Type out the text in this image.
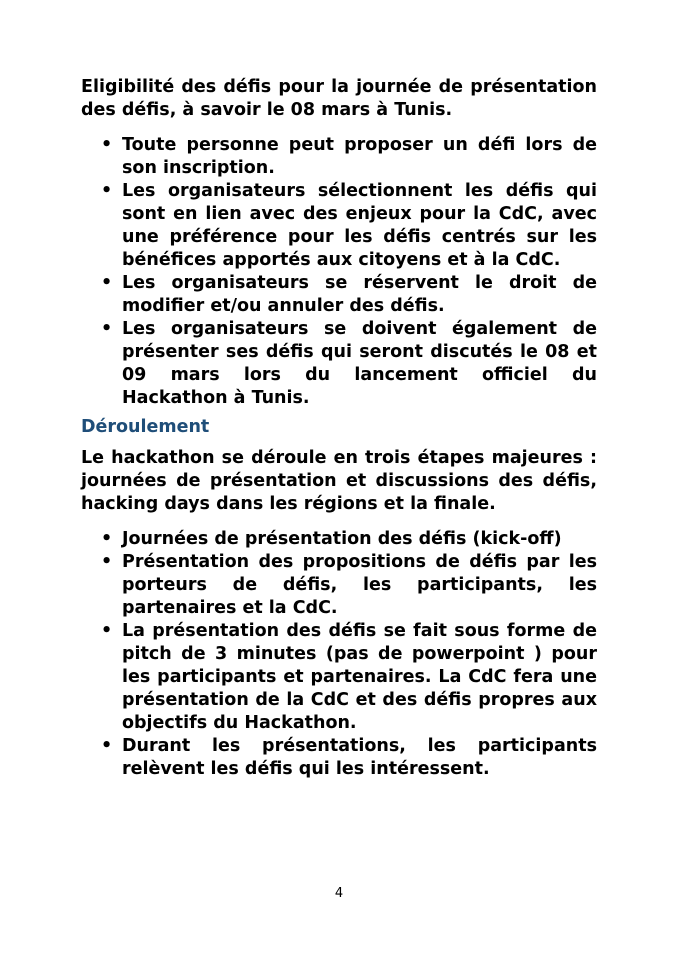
Eligibilité des défis pour la journée de présentation des défis, à savoir le 08 mars à Tunis.

• Toute personne peut proposer un défi lors de son inscription.
• Les organisateurs sélectionnent les défis qui sont en lien avec des enjeux pour la CdC, avec une préférence pour les défis centrés sur les bénéfices apportés aux citoyens et à la CdC.
• Les organisateurs se réservent le droit de modifier et/ou annuler des défis.
• Les organisateurs se doivent également de présenter ses défis qui seront discutés le 08 et 09 mars lors du lancement officiel du Hackathon à Tunis.
Déroulement

Le hackathon se déroule en trois étapes majeures : journées de présentation et discussions des défis, hacking days dans les régions et la finale.

• Journées de présentation des défis (kick-off)
• Présentation des propositions de défis par les porteurs de défis, les participants, les partenaires et la CdC.
• La présentation des défis se fait sous forme de pitch de 3 minutes (pas de powerpoint ) pour les participants et partenaires. La CdC fera une présentation de la CdC et des défis propres aux objectifs du Hackathon.
• Durant les présentations, les participants relèvent les défis qui les intéressent.
4
